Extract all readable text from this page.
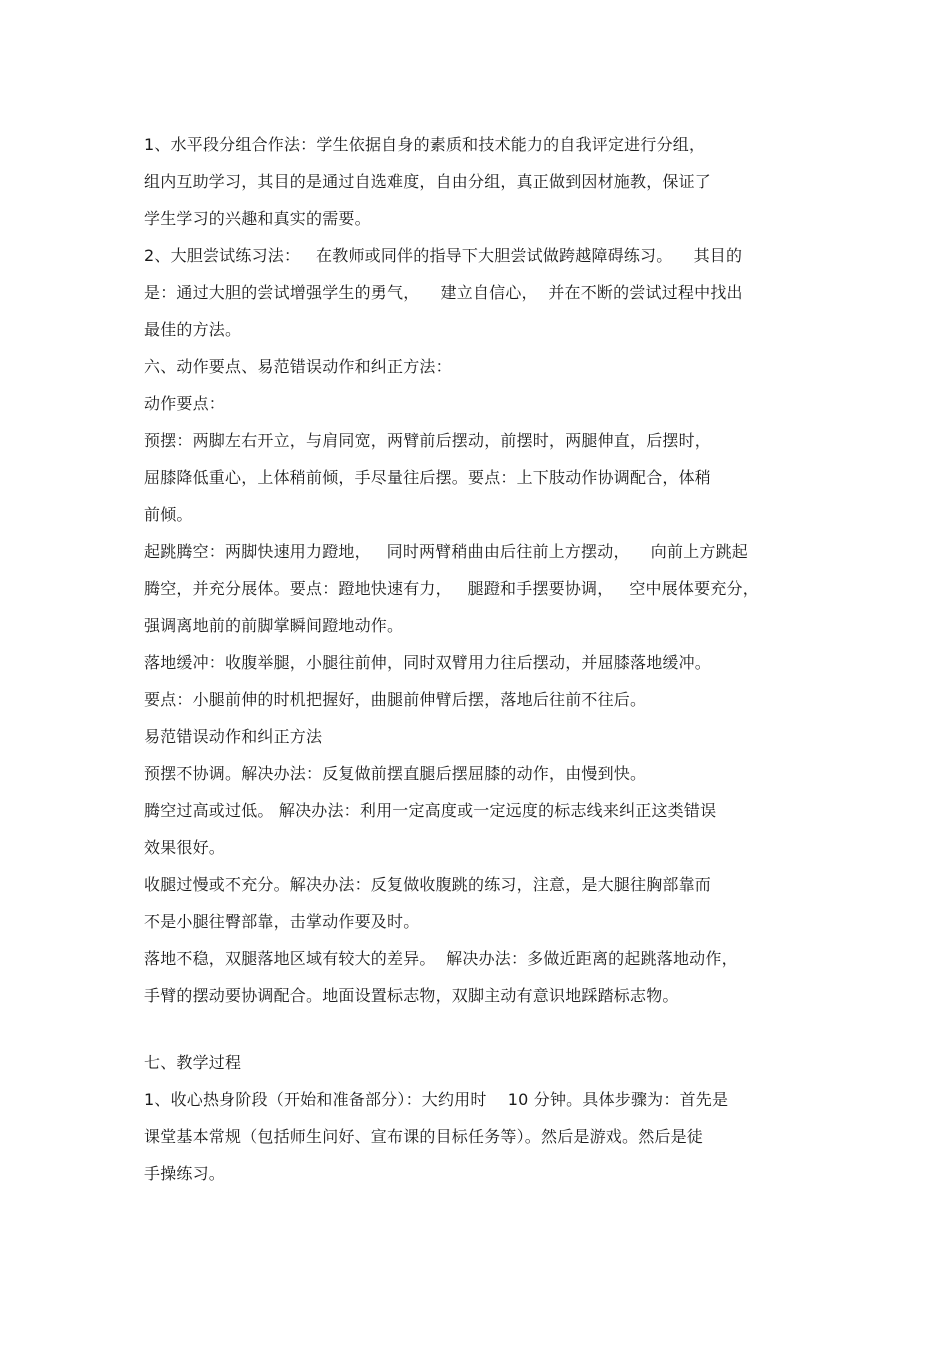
1、水平段分组合作法：学生依据自身的素质和技术能力的自我评定进行分组，
组内互助学习，其目的是通过自选难度，自由分组，真正做到因材施教，保证了
学生学习的兴趣和真实的需要。
2、大胆尝试练习法：   在教师或同伴的指导下大胆尝试做跨越障碍练习。    其目的
是：通过大胆的尝试增强学生的勇气，    建立自信心，  并在不断的尝试过程中找出
最佳的方法。
六、动作要点、易范错误动作和纠正方法：
动作要点：
预摆：两脚左右开立，与肩同宽，两臂前后摆动，前摆时，两腿伸直，后摆时，
屈膝降低重心，上体稍前倾，手尽量往后摆。要点：上下肢动作协调配合，体稍
前倾。
起跳腾空：两脚快速用力蹬地，   同时两臂稍曲由后往前上方摆动，    向前上方跳起
腾空，并充分展体。要点：蹬地快速有力，   腿蹬和手摆要协调，   空中展体要充分，
强调离地前的前脚掌瞬间蹬地动作。
落地缓冲：收腹举腿，小腿往前伸，同时双臂用力往后摆动，并屈膝落地缓冲。
要点：小腿前伸的时机把握好，曲腿前伸臂后摆，落地后往前不往后。
易范错误动作和纠正方法
预摆不协调。解决办法：反复做前摆直腿后摆屈膝的动作，由慢到快。
腾空过高或过低。 解决办法：利用一定高度或一定远度的标志线来纠正这类错误
效果很好。
收腿过慢或不充分。解决办法：反复做收腹跳的练习，注意，是大腿往胸部靠而
不是小腿往臀部靠，击掌动作要及时。
落地不稳，双腿落地区域有较大的差异。  解决办法：多做近距离的起跳落地动作，
手臂的摆动要协调配合。地面设置标志物，双脚主动有意识地踩踏标志物。
七、教学过程
1、收心热身阶段（开始和准备部分）：大约用时    10 分钟。具体步骤为：首先是
课堂基本常规（包括师生问好、宣布课的目标任务等）。然后是游戏。然后是徒
手操练习。
